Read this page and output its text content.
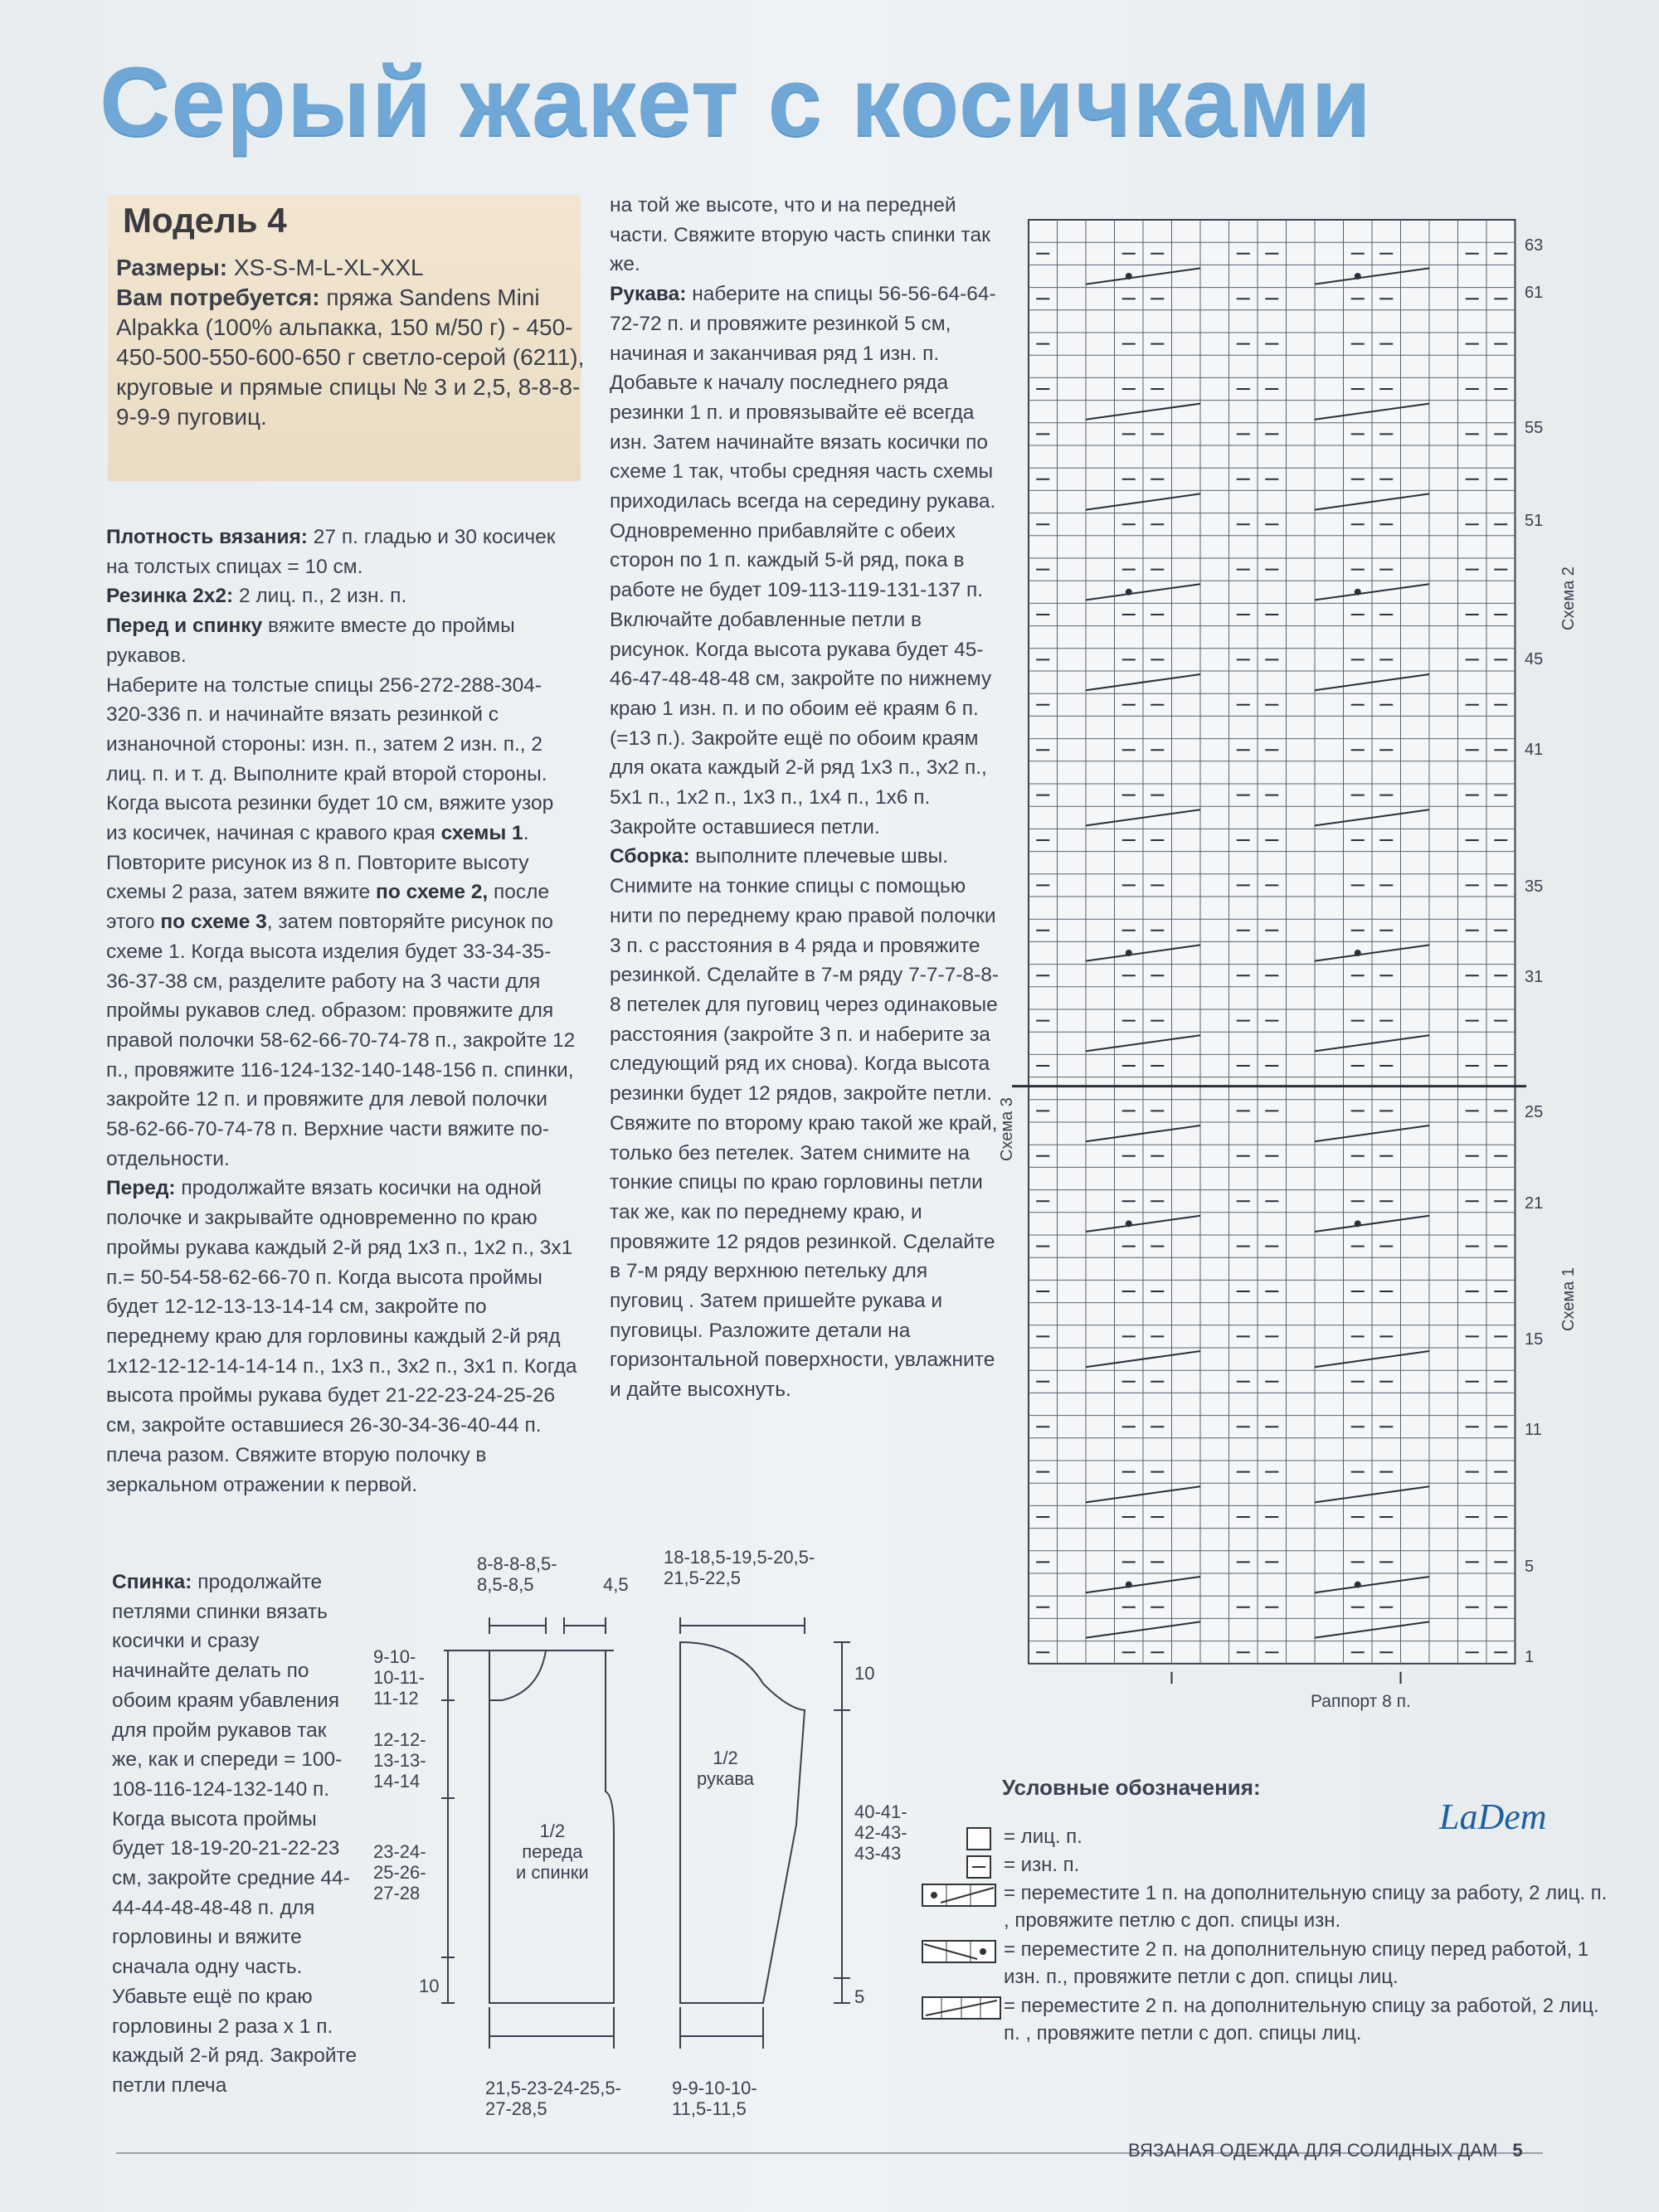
Серый жакет с косичками
Модель 4
Размеры: XS-S-M-L-XL-XXL
Вам потребуется: пряжа Sandens Mini Alpakka (100% альпакка, 150 м/50 г) - 450-450-500-550-600-650 г светло-серой (6211), круговые и прямые спицы № 3 и 2,5, 8-8-8-9-9-9 пуговиц.

Плотность вязания: 27 п. гладью и 30 косичек на толстых спицах = 10 см.

Резинка 2х2: 2 лиц. п., 2 изн. п.

Перед и спинку вяжите вместе до проймы рукавов.

Наберите на толстые спицы 256-272-288-304-320-336 п. и начинайте вязать резинкой с изнаночной стороны: изн. п., затем 2 изн. п., 2 лиц. п. и т. д. Выполните край второй стороны. Когда высота резинки будет 10 см, вяжите узор из косичек, начиная с кравого края схемы 1. Повторите рисунок из 8 п. Повторите высоту схемы 2 раза, затем вяжите по схеме 2, после этого по схеме 3, затем повторяйте рисунок по схеме 1. Когда высота изделия будет 33-34-35-36-37-38 см, разделите работу на 3 части для проймы рукавов след. образом: провяжите для правой полочки 58-62-66-70-74-78 п., закройте 12 п., провяжите 116-124-132-140-148-156 п. спинки, закройте 12 п. и провяжите для левой полочки 58-62-66-70-74-78 п. Верхние части вяжите по-отдельности.

Перед: продолжайте вязать косички на одной полочке и закрывайте одновременно по краю проймы рукава каждый 2-й ряд 1х3 п., 1х2 п., 3х1 п.= 50-54-58-62-66-70 п. Когда высота проймы будет 12-12-13-13-14-14 см, закройте по переднему краю для горловины каждый 2-й ряд 1х12-12-12-14-14-14 п., 1х3 п., 3х2 п., 3х1 п. Когда высота проймы рукава будет 21-22-23-24-25-26 см, закройте оставшиеся 26-30-34-36-40-44 п. плеча разом. Свяжите вторую полочку в зеркальном отражении к первой.

Спинка: продолжайте петлями спинки вязать косички и сразу начинайте делать по обоим краям убавления для пройм рукавов так же, как и спереди = 100-108-116-124-132-140 п. Когда высота проймы будет 18-19-20-21-22-23 см, закройте средние 44-44-44-48-48-48 п. для горловины и вяжите сначала одну часть. Убавьте ещё по краю горловины 2 раза х 1 п. каждый 2-й ряд. Закройте петли плеча

на той же высоте, что и на передней части. Свяжите вторую часть спинки так же.

Рукава: наберите на спицы 56-56-64-64-72-72 п. и провяжите резинкой 5 см, начиная и заканчивая ряд 1 изн. п. Добавьте к началу последнего ряда резинки 1 п. и провязывайте её всегда изн. Затем начинайте вязать косички по схеме 1 так, чтобы средняя часть схемы приходилась всегда на середину рукава. Одновременно прибавляйте с обеих сторон по 1 п. каждый 5-й ряд, пока в работе не будет 109-113-119-131-137 п. Включайте добавленные петли в рисунок. Когда высота рукава будет 45-46-47-48-48-48 см, закройте по нижнему краю 1 изн. п. и по обоим её краям 6 п. (=13 п.). Закройте ещё по обоим краям для оката каждый 2-й ряд 1х3 п., 3х2 п., 5х1 п., 1х2 п., 1х3 п., 1х4 п., 1х6 п. Закройте оставшиеся петли.

Сборка: выполните плечевые швы. Снимите на тонкие спицы с помощью нити по переднему краю правой полочки 3 п. с расстояния в 4 ряда и провяжите резинкой. Сделайте в 7-м ряду 7-7-7-8-8-8 петелек для пуговиц через одинаковые расстояния (закройте 3 п. и наберите за следующий ряд их снова). Когда высота резинки будет 12 рядов, закройте петли. Свяжите по второму краю такой же край, только без петелек. Затем снимите на тонкие спицы по краю горловины петли так же, как по переднему краю, и провяжите 12 рядов резинкой. Сделайте в 7-м ряду верхнюю петельку для пуговиц . Затем пришейте рукава и пуговицы. Разложите детали на горизонтальной поверхности, увлажните и дайте высохнуть.

63
61
55
51
45
41
35
31
25
21
15
11
5
1
Схема 2
Схема 3
Схема 1
Раппорт 8 п.
Условные обозначения:
LaDem
= лиц. п.
= изн. п.
= переместите 1 п. на дополнительную спицу за работу, 2 лиц. п. , провяжите петлю с доп. спицы изн.
= переместите 2 п. на дополнительную спицу перед работой, 1 изн. п., провяжите петли с доп. спицы лиц.
= переместите 2 п. на дополнительную спицу за работой, 2 лиц. п. , провяжите петли с доп. спицы лиц.
8-8-8-8,5-
8,5-8,5	4,5
9-10-
10-11-
11-12
12-12-
13-13-
14-14
23-24-
25-26-
27-28
10
1/2
переда
и спинки
21,5-23-24-25,5-
27-28,5
18-18,5-19,5-20,5-
21,5-22,5
10
1/2
рукава
40-41-
42-43-
43-43
5
9-9-10-10-
11,5-11,5
ВЯЗАНАЯ ОДЕЖДА ДЛЯ СОЛИДНЫХ ДАМ 5
